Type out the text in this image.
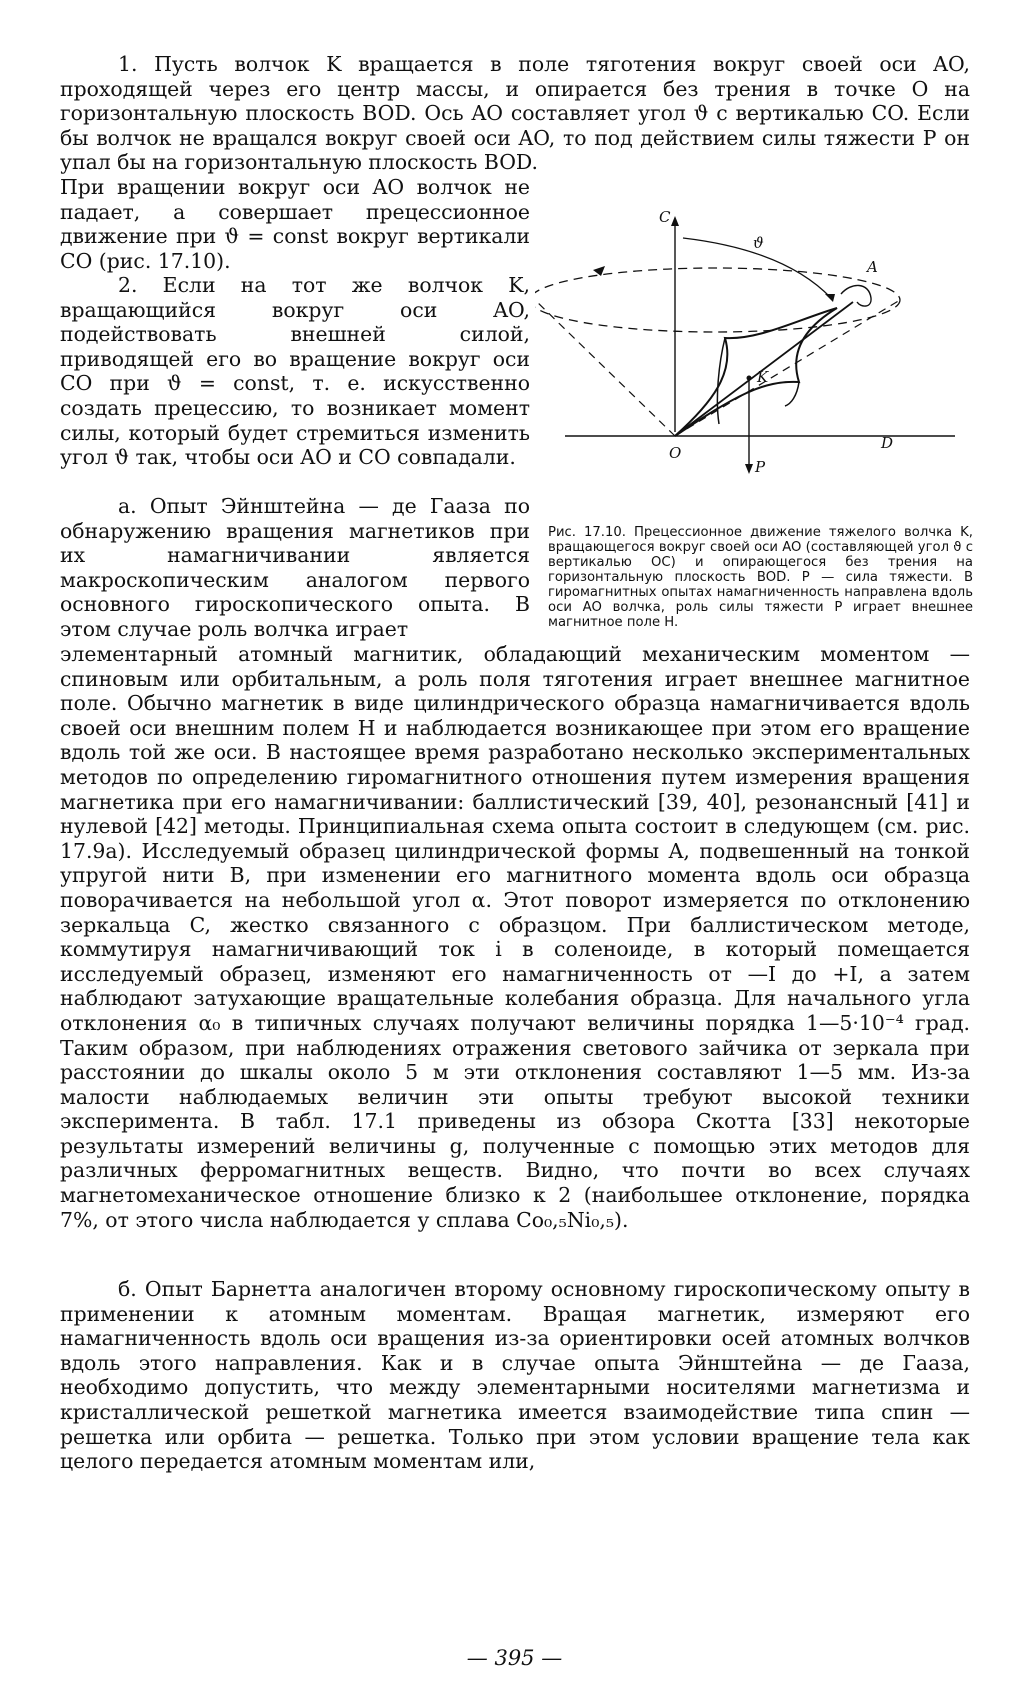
1. Пусть волчок K вращается в поле тяготения вокруг своей оси AO, проходящей через его центр массы, и опирается без трения в точке O на горизонтальную плоскость BOD. Ось AO составляет угол ϑ с вертикалью CO. Если бы волчок не вращался вокруг своей оси AO, то под действием силы тяжести P он упал бы на горизонтальную плоскость BOD.

При вращении вокруг оси AO волчок не падает, а совершает прецессионное движение при ϑ = const вокруг вертикали CO (рис. 17.10).

2. Если на тот же волчок K, вращающийся вокруг оси AO, подействовать внешней силой, приводящей его во вращение вокруг оси CO при ϑ = const, т. е. искусственно создать прецессию, то возникает момент силы, который будет стремиться изменить угол ϑ так, чтобы оси AO и CO совпадали.

а. Опыт Эйнштейна — де Гааза по обнаружению вращения магнетиков при их намагничивании является макроскопическим аналогом первого основного гироскопического опыта. В этом случае роль волчка играет

элементарный атомный магнитик, обладающий механическим моментом — спиновым или орбитальным, а роль поля тяготения играет внешнее магнитное поле. Обычно магнетик в виде цилиндрического образца намагничивается вдоль своей оси внешним полем H и наблюдается возникающее при этом его вращение вдоль той же оси. В настоящее время разработано несколько экспериментальных методов по определению гиромагнитного отношения путем измерения вращения магнетика при его намагничивании: баллистический [39, 40], резонансный [41] и нулевой [42] методы. Принципиальная схема опыта состоит в следующем (см. рис. 17.9а). Исследуемый образец цилиндрической формы A, подвешенный на тонкой упругой нити B, при изменении его магнитного момента вдоль оси образца поворачивается на небольшой угол α. Этот поворот измеряется по отклонению зеркальца C, жестко связанного с образцом. При баллистическом методе, коммутируя намагничивающий ток i в соленоиде, в который помещается исследуемый образец, изменяют его намагниченность от —I до +I, а затем наблюдают затухающие вращательные колебания образца. Для начального угла отклонения α₀ в типичных случаях получают величины порядка 1—5·10⁻⁴ град. Таким образом, при наблюдениях отражения светового зайчика от зеркала при расстоянии до шкалы около 5 м эти отклонения составляют 1—5 мм. Из-за малости наблюдаемых величин эти опыты требуют высокой техники эксперимента. В табл. 17.1 приведены из обзора Скотта [33] некоторые результаты измерений величины g, полученные с помощью этих методов для различных ферромагнитных веществ. Видно, что почти во всех случаях магнетомеханическое отношение близко к 2 (наибольшее отклонение, порядка 7%, от этого числа наблюдается у сплава Co₀,₅Ni₀,₅).

б. Опыт Барнетта аналогичен второму основному гироскопическому опыту в применении к атомным моментам. Вращая магнетик, измеряют его намагниченность вдоль оси вращения из-за ориентировки осей атомных волчков вдоль этого направления. Как и в случае опыта Эйнштейна — де Гааза, необходимо допустить, что между элементарными носителями магнетизма и кристаллической решеткой магнетика имеется взаимодействие типа спин — решетка или орбита — решетка. Только при этом условии вращение тела как целого передается атомным моментам или,

C
ϑ
A
K
D
O
P

Рис. 17.10. Прецессионное движение тяжелого волчка K, вращающегося вокруг своей оси AO (составляющей угол ϑ с вертикалью OC) и опирающегося без трения на горизонтальную плоскость BOD. P — сила тяжести. В гиромагнитных опытах намагниченность направлена вдоль оси AO волчка, роль силы тяжести P играет внешнее магнитное поле H.

— 395 —
